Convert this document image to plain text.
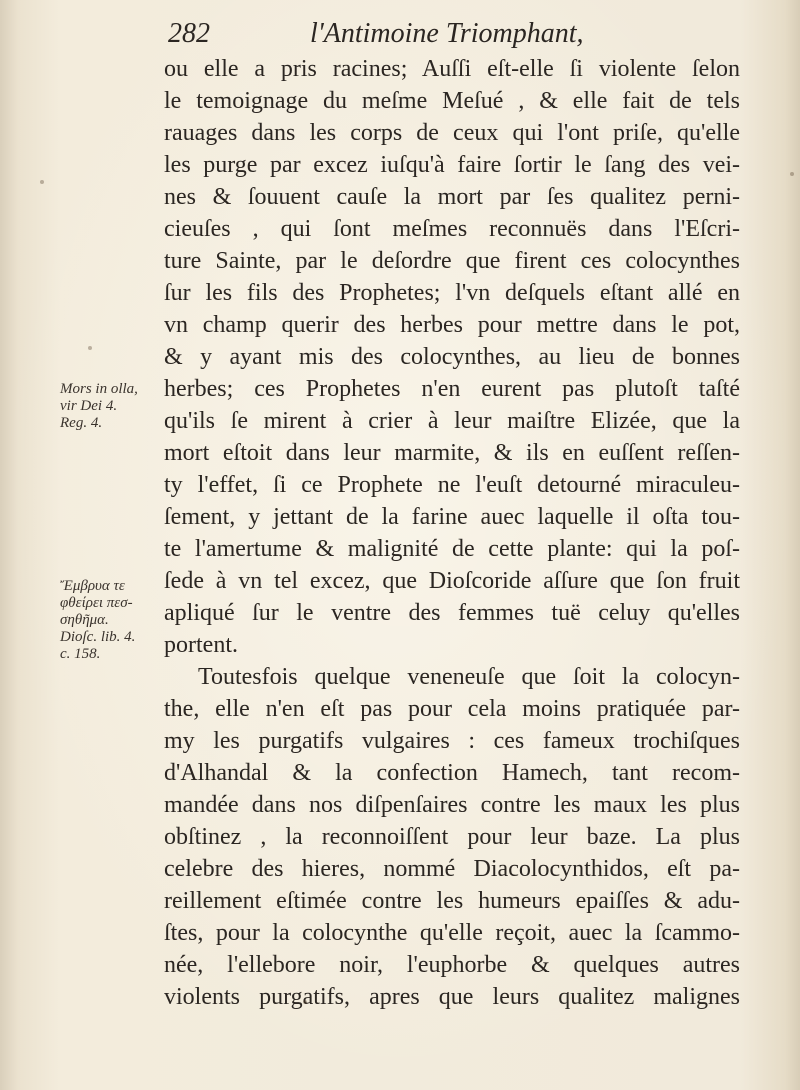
282	l'Antimoine Triomphant,
ou elle a pris racines; Auſſi eſt-elle ſi violente ſelon
le temoignage du meſme Meſué , & elle fait de tels
rauages dans les corps de ceux qui l'ont priſe, qu'elle
les purge par excez iuſqu'à faire ſortir le ſang des vei-
nes & ſouuent cauſe la mort par ſes qualitez perni-
cieuſes , qui ſont meſmes reconnuës dans l'Eſcri-
ture Sainte, par le deſordre que firent ces colocynthes
ſur les fils des Prophetes; l'vn deſquels eſtant allé en
vn champ querir des herbes pour mettre dans le pot,
& y ayant mis des colocynthes, au lieu de bonnes
herbes; ces Prophetes n'en eurent pas plutoſt taſté
qu'ils ſe mirent à crier à leur maiſtre Elizée, que la
mort eſtoit dans leur marmite, & ils en euſſent reſſen-
ty l'effet, ſi ce Prophete ne l'euſt detourné miraculeu-
ſement, y jettant de la farine auec laquelle il oſta tou-
te l'amertume & malignité de cette plante: qui la poſ-
ſede à vn tel excez, que Dioſcoride aſſure que ſon fruit
apliqué ſur le ventre des femmes tuë celuy qu'elles
portent.
Toutesfois quelque veneneuſe que ſoit la colocyn-
the, elle n'en eſt pas pour cela moins pratiquée par-
my les purgatifs vulgaires : ces fameux trochiſques
d'Alhandal & la confection Hamech, tant recom-
mandée dans nos diſpenſaires contre les maux les plus
obſtinez , la reconnoiſſent pour leur baze. La plus
celebre des hieres, nommé Diacolocynthidos, eſt pa-
reillement eſtimée contre les humeurs epaiſſes & adu-
ſtes, pour la colocynthe qu'elle reçoit, auec la ſcammo-
née, l'ellebore noir, l'euphorbe & quelques autres
violents purgatifs, apres que leurs qualitez malignes
Mors in olla,
vir Dei 4.
Reg. 4.
Ἔμβρυα τε
φθείρει πεσ-
σηθῆμα.
Dioſc. lib. 4.
c. 158.
